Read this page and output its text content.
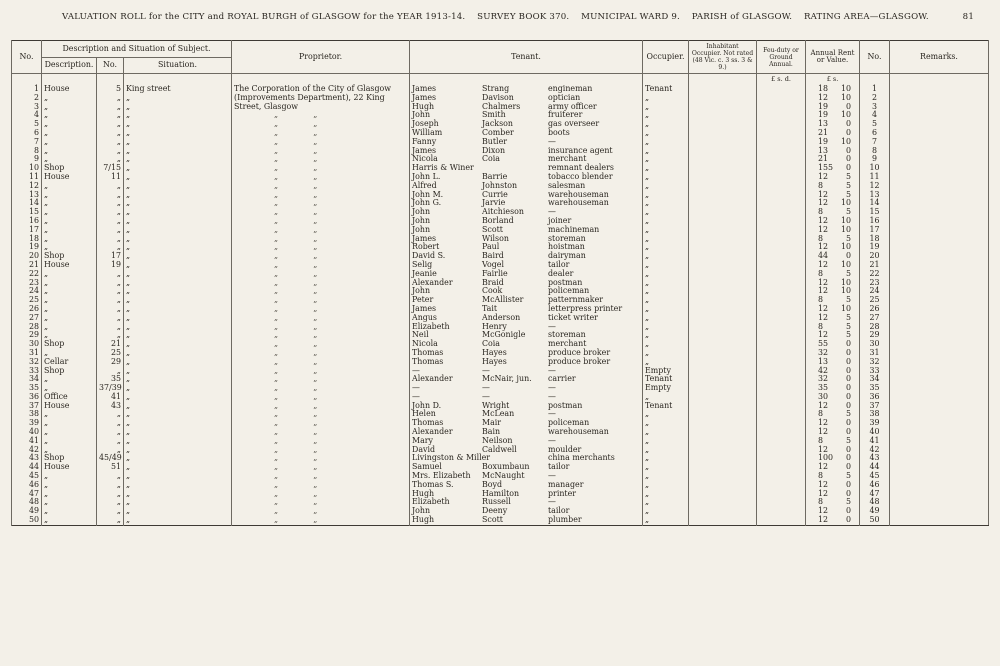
VALUATION ROLL for the CITY and ROYAL BURGH of GLASGOW for the YEAR 1913-14. SURVEY BOOK 370. MUNICIPAL WARD 9. PARISH of GLASGOW. RATING AREA—GLASGOW.	81
No.	Description and Situation of Subject.			Proprietor.	Tenant.	Occupier.	Inhabitant Occupier. Not rated (48 Vic. c. 3 ss. 3 & 9.)	Feu-duty or Ground Annual.	Annual Rent or Value.	No.	Remarks.
	Description.	No.	Situation.								
								£ s. d.	£ s.		
1	House	5	King street	The Corporation of the City of Glasgow	James Strang engineman	Tenant			18 10	1	
2	„	„	„	(Improvements Department), 22 King	James Davison optician	„			12 10	2	
3	„	„	„	Street, Glasgow	Hugh Chalmers army officer	„			19 0	3	
4	„	„	„	„              „	John Smith fruiterer	„			19 10	4	
5	„	„	„	„              „	Joseph Jackson gas overseer	„			13 0	5	
6	„	„	„	„              „	William Comber boots	„			21 0	6	
7	„	„	„	„              „	Fanny Butler —	„			19 10	7	
8	„	„	„	„              „	James Dixon insurance agent	„			13 0	8	
9	„	„	„	„              „	Nicola Coia merchant	„			21 0	9	
10	Shop	7/15	„	„              „	Harris & Winer remnant dealers	„			155 0	10	
11	House	11	„	„              „	John L. Barrie tobacco blender	„			12 5	11	
12	„	„	„	„              „	Alfred Johnston salesman	„			8 5	12	
13	„	„	„	„              „	John M. Currie warehouseman	„			12 5	13	
14	„	„	„	„              „	John G. Jarvie warehouseman	„			12 10	14	
15	„	„	„	„              „	John Aitchieson —	„			8 5	15	
16	„	„	„	„              „	John Borland joiner	„			12 10	16	
17	„	„	„	„              „	John Scott machineman	„			12 10	17	
18	„	„	„	„              „	James Wilson storeman	„			8 5	18	
19	„	„	„	„              „	Robert Paul hoistman	„			12 10	19	
20	Shop	17	„	„              „	David S. Baird dairyman	„			44 0	20	
21	House	19	„	„              „	Selig Vogel tailor	„			12 10	21	
22	„	„	„	„              „	Jeanie Fairlie dealer	„			8 5	22	
23	„	„	„	„              „	Alexander Braid postman	„			12 10	23	
24	„	„	„	„              „	John Cook policeman	„			12 10	24	
25	„	„	„	„              „	Peter McAllister patternmaker	„			8 5	25	
26	„	„	„	„              „	James Tait letterpress printer	„			12 10	26	
27	„	„	„	„              „	Angus Anderson ticket writer	„			12 5	27	
28	„	„	„	„              „	Elizabeth Henry —	„			8 5	28	
29	„	„	„	„              „	Neil McGonigle storeman	„			12 5	29	
30	Shop	21	„	„              „	Nicola Coia merchant	„			55 0	30	
31	„	25	„	„              „	Thomas Hayes produce broker	„			32 0	31	
32	Cellar	29	„	„              „	Thomas Hayes produce broker	„			13 0	32	
33	Shop	„	„	„              „	— — —	Empty			42 0	33	
34	„	35	„	„              „	Alexander McNair, jun. carrier	Tenant			32 0	34	
35	„	37/39	„	„              „	— — —	Empty			35 0	35	
36	Office	41	„	„              „	— — —	„			30 0	36	
37	House	43	„	„              „	John D. Wright postman	Tenant			12 0	37	
38	„	„	„	„              „	Helen McLean —	„			8 5	38	
39	„	„	„	„              „	Thomas Mair policeman	„			12 0	39	
40	„	„	„	„              „	Alexander Bain warehouseman	„			12 0	40	
41	„	„	„	„              „	Mary Neilson —	„			8 5	41	
42	„	„	„	„              „	David Caldwell moulder	„			12 0	42	
43	Shop	45/49	„	„              „	Livingston & Miller china merchants	„			100 0	43	
44	House	51	„	„              „	Samuel Boxumbaun tailor	„			12 0	44	
45	„	„	„	„              „	Mrs. Elizabeth McNaught —	„			8 5	45	
46	„	„	„	„              „	Thomas S. Boyd manager	„			12 0	46	
47	„	„	„	„              „	Hugh Hamilton printer	„			12 0	47	
48	„	„	„	„              „	Elizabeth Russell —	„			8 5	48	
49	„	„	„	„              „	John Deeny tailor	„			12 0	49	
50	„	„	„	„              „	Hugh Scott plumber	„			12 0	50	
